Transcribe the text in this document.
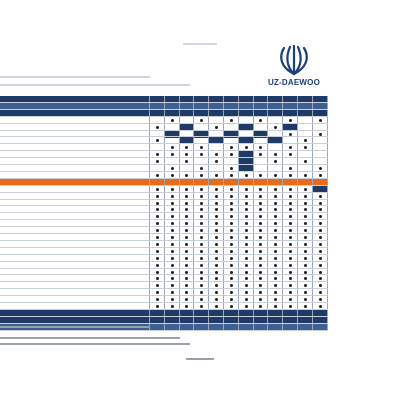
UZ-DAEWOO
